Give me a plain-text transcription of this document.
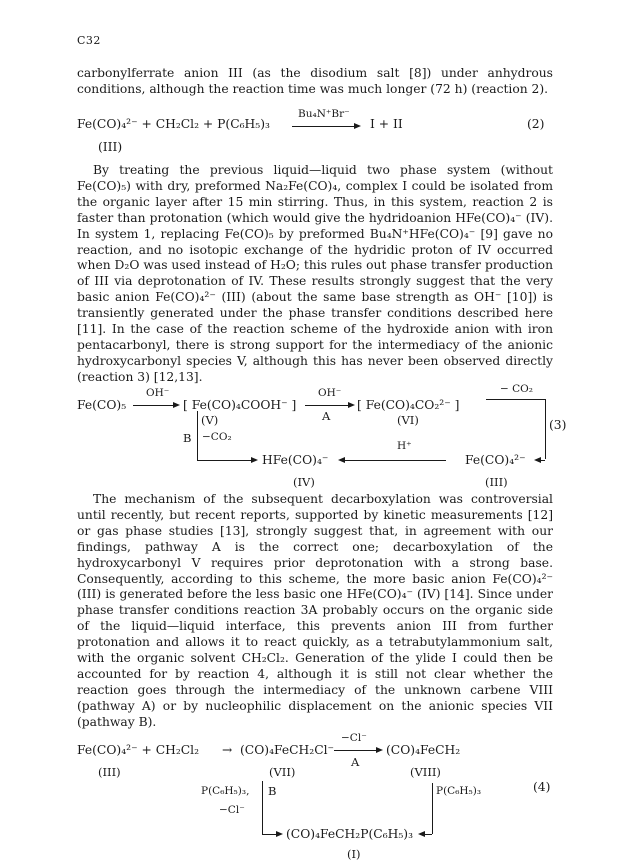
C32

carbonylferrate anion III (as the disodium salt [8]) under anhydrous conditions, although the reaction time was much longer (72 h) (reaction 2).

Fe(CO)₄²⁻ + CH₂Cl₂ + P(C₆H₅)₃
Bu₄N⁺Br⁻
I + II	(2)
(III)

By treating the previous liquid—liquid two phase system (without Fe(CO)₅) with dry, preformed Na₂Fe(CO)₄, complex I could be isolated from the organic layer after 15 min stirring. Thus, in this system, reaction 2 is faster than protonation (which would give the hydridoanion HFe(CO)₄⁻ (IV). In system 1, replacing Fe(CO)₅ by preformed Bu₄N⁺HFe(CO)₄⁻ [9] gave no reaction, and no isotopic exchange of the hydridic proton of IV occurred when D₂O was used instead of H₂O; this rules out phase transfer production of III via deprotonation of IV. These results strongly suggest that the very basic anion Fe(CO)₄²⁻ (III) (about the same base strength as OH⁻ [10]) is transiently generated under the phase transfer conditions described here [11]. In the case of the reaction scheme of the hydroxide anion with iron pentacarbonyl, there is strong support for the intermediacy of the anionic hydroxycarbonyl species V, although this has never been observed directly (reaction 3) [12,13].

Fe(CO)₅
OH⁻
[ Fe(CO)₄COOH⁻ ]
OH⁻
A
[ Fe(CO)₄CO₂²⁻ ]
− CO₂
(3)
(V)	(VI)
B −CO₂
HFe(CO)₄⁻
H⁺
Fe(CO)₄²⁻
(IV)	(III)

The mechanism of the subsequent decarboxylation was controversial until recently, but recent reports, supported by kinetic measurements [12] or gas phase studies [13], strongly suggest that, in agreement with our findings, pathway A is the correct one; decarboxylation of the hydroxycarbonyl V requires prior deprotonation with a strong base. Consequently, according to this scheme, the more basic anion Fe(CO)₄²⁻ (III) is generated before the less basic one HFe(CO)₄⁻ (IV) [14]. Since under phase transfer conditions reaction 3A probably occurs on the organic side of the liquid—liquid interface, this prevents anion III from further protonation and allows it to react quickly, as a tetrabutylammonium salt, with the organic solvent CH₂Cl₂. Generation of the ylide I could then be accounted for by reaction 4, although it is still not clear whether the reaction goes through the intermediacy of the unknown carbene VIII (pathway A) or by nucleophilic displacement on the anionic species VII (pathway B).

Fe(CO)₄²⁻ + CH₂Cl₂ → (CO)₄FeCH₂Cl⁻
−Cl⁻
A
(CO)₄FeCH₂
(III)	(VII)	(VIII)
(4)
P(C₆H₅)₃, B
−Cl⁻
P(C₆H₅)₃
(CO)₄FeCH₂P(C₆H₅)₃
(I)
